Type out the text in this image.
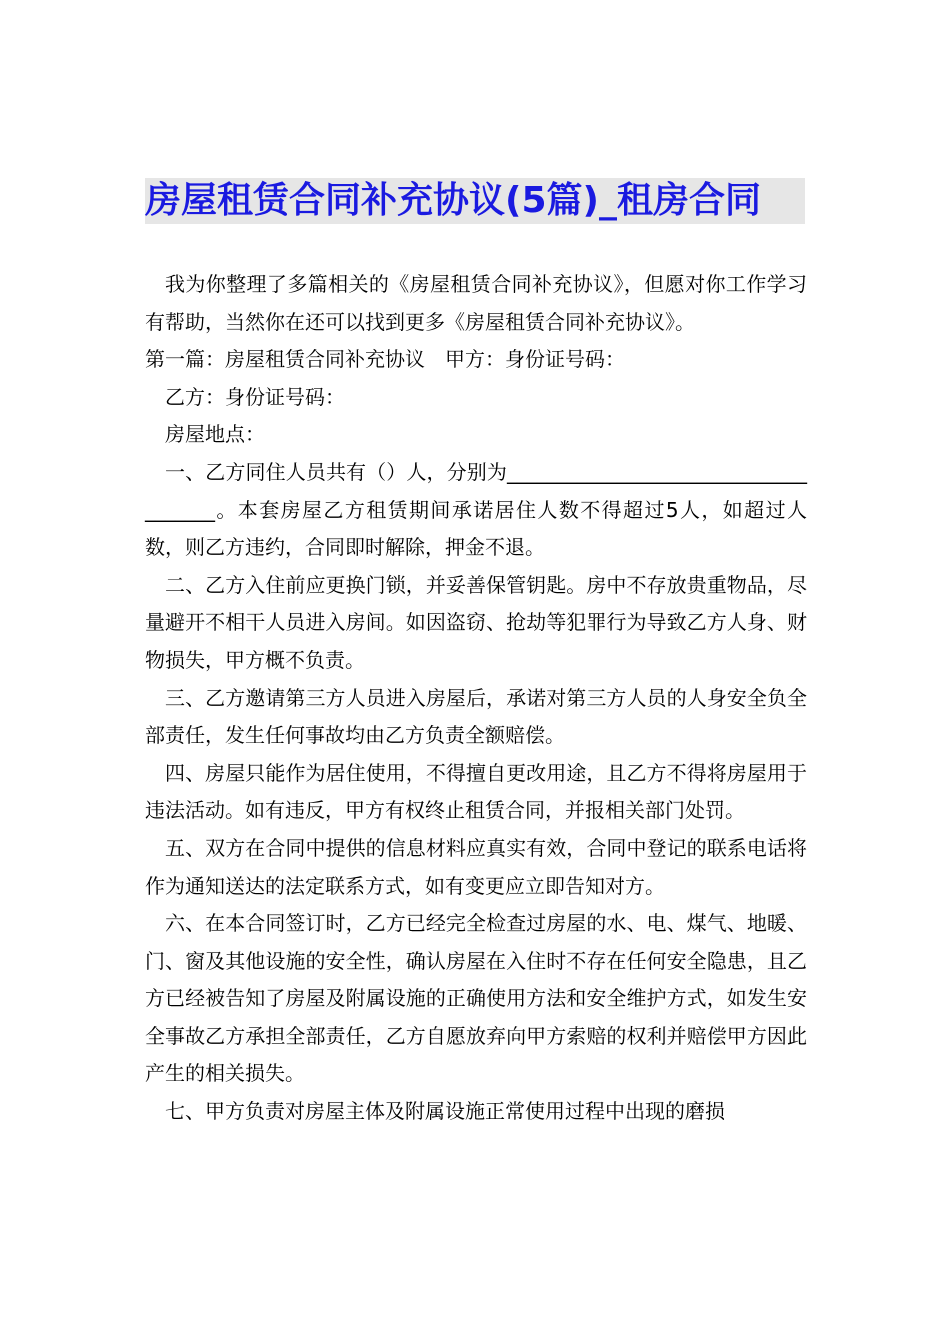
房屋租赁合同补充协议(5篇)_租房合同

我为你整理了多篇相关的《房屋租赁合同补充协议》，但愿对你工作学习有帮助，当然你在还可以找到更多《房屋租赁合同补充协议》。

第一篇：房屋租赁合同补充协议　甲方：身份证号码：

乙方：身份证号码：

房屋地点：

一、乙方同住人员共有（）人，分别为_____________________________________。本套房屋乙方租赁期间承诺居住人数不得超过5人，如超过人数，则乙方违约，合同即时解除，押金不退。

二、乙方入住前应更换门锁，并妥善保管钥匙。房中不存放贵重物品，尽量避开不相干人员进入房间。如因盗窃、抢劫等犯罪行为导致乙方人身、财物损失，甲方概不负责。

三、乙方邀请第三方人员进入房屋后，承诺对第三方人员的人身安全负全部责任，发生任何事故均由乙方负责全额赔偿。

四、房屋只能作为居住使用，不得擅自更改用途，且乙方不得将房屋用于违法活动。如有违反，甲方有权终止租赁合同，并报相关部门处罚。

五、双方在合同中提供的信息材料应真实有效，合同中登记的联系电话将作为通知送达的法定联系方式，如有变更应立即告知对方。

六、在本合同签订时，乙方已经完全检查过房屋的水、电、煤气、地暖、门、窗及其他设施的安全性，确认房屋在入住时不存在任何安全隐患，且乙方已经被告知了房屋及附属设施的正确使用方法和安全维护方式，如发生安全事故乙方承担全部责任，乙方自愿放弃向甲方索赔的权利并赔偿甲方因此产生的相关损失。

七、甲方负责对房屋主体及附属设施正常使用过程中出现的磨损
